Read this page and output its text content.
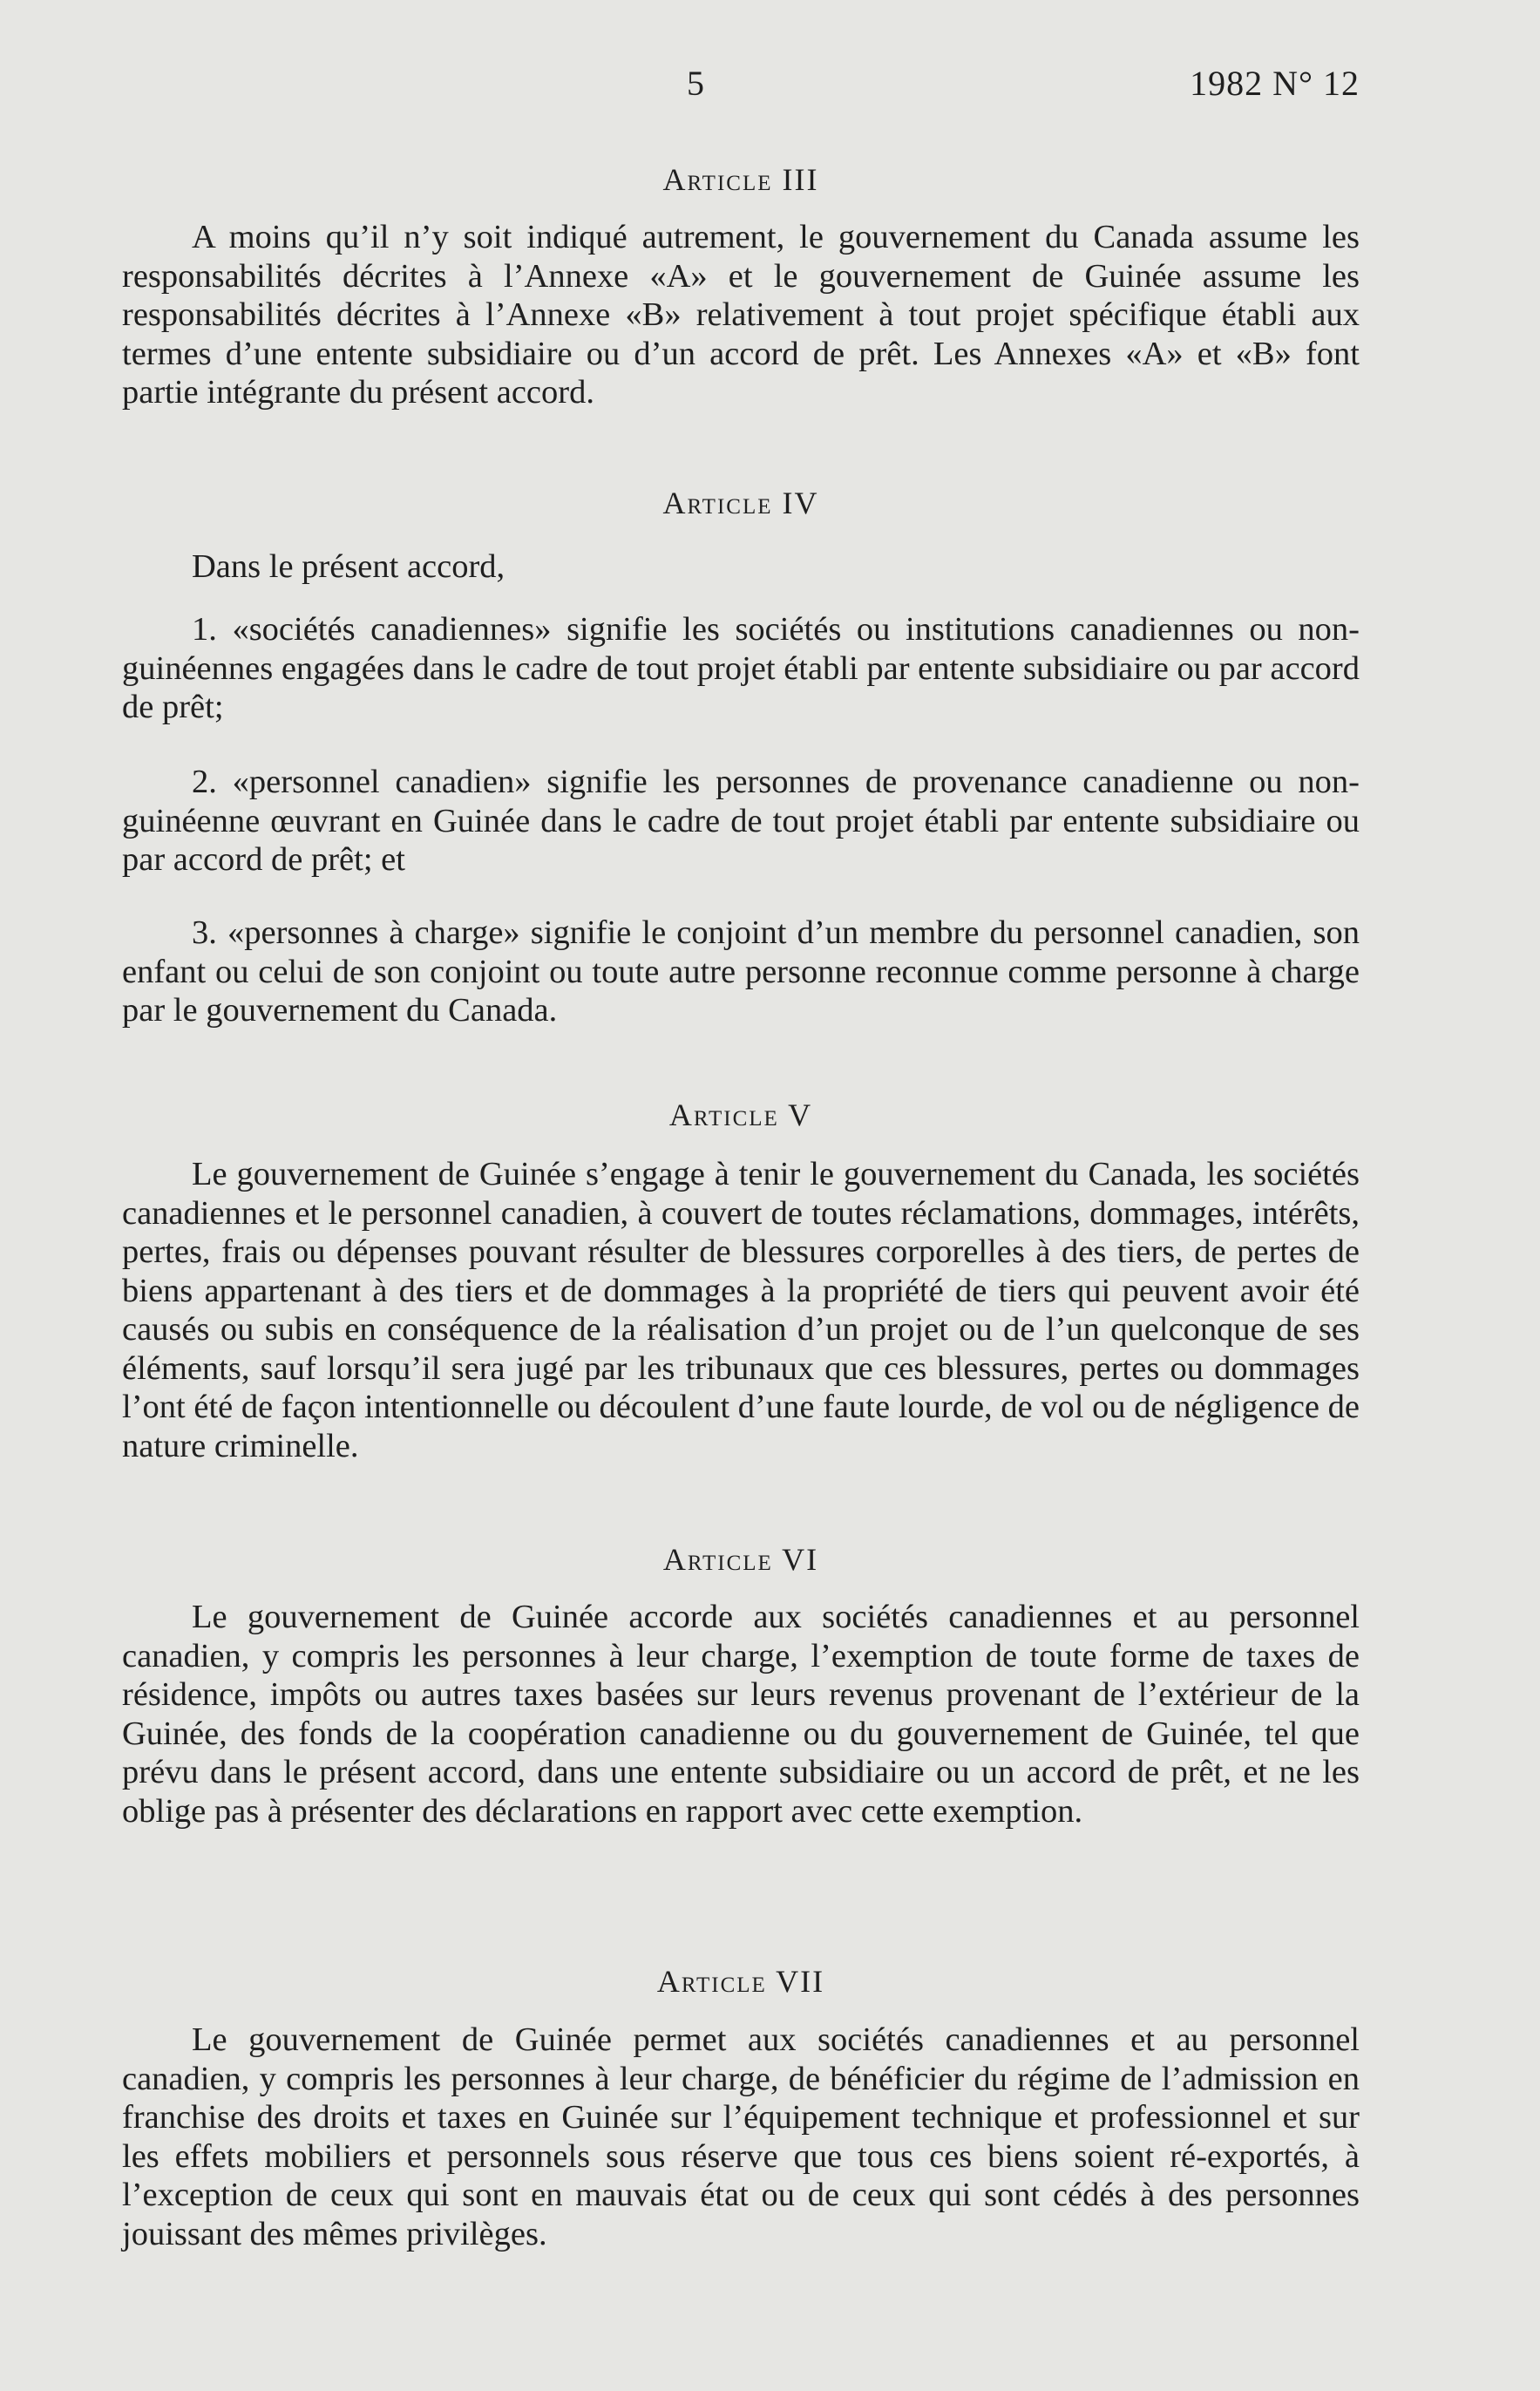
5	1982 N° 12
Article III

A moins qu’il n’y soit indiqué autrement, le gouvernement du Canada assume les responsabilités décrites à l’Annexe «A» et le gouvernement de Guinée assume les responsabilités décrites à l’Annexe «B» relativement à tout projet spécifique établi aux termes d’une entente subsidiaire ou d’un accord de prêt. Les Annexes «A» et «B» font partie intégrante du présent accord.

Article IV

Dans le présent accord,

1. «sociétés canadiennes» signifie les sociétés ou institutions canadiennes ou non-guinéennes engagées dans le cadre de tout projet établi par entente subsidiaire ou par accord de prêt;

2. «personnel canadien» signifie les personnes de provenance canadienne ou non-guinéenne œuvrant en Guinée dans le cadre de tout projet établi par entente subsidiaire ou par accord de prêt; et

3. «personnes à charge» signifie le conjoint d’un membre du personnel canadien, son enfant ou celui de son conjoint ou toute autre personne reconnue comme personne à charge par le gouvernement du Canada.

Article V

Le gouvernement de Guinée s’engage à tenir le gouvernement du Canada, les sociétés canadiennes et le personnel canadien, à couvert de toutes réclamations, dommages, intérêts, pertes, frais ou dépenses pouvant résulter de blessures corporelles à des tiers, de pertes de biens appartenant à des tiers et de dommages à la propriété de tiers qui peuvent avoir été causés ou subis en conséquence de la réalisation d’un projet ou de l’un quelconque de ses éléments, sauf lorsqu’il sera jugé par les tribunaux que ces blessures, pertes ou dommages l’ont été de façon intentionnelle ou découlent d’une faute lourde, de vol ou de négligence de nature criminelle.

Article VI

Le gouvernement de Guinée accorde aux sociétés canadiennes et au personnel canadien, y compris les personnes à leur charge, l’exemption de toute forme de taxes de résidence, impôts ou autres taxes basées sur leurs revenus provenant de l’extérieur de la Guinée, des fonds de la coopération canadienne ou du gouvernement de Guinée, tel que prévu dans le présent accord, dans une entente subsidiaire ou un accord de prêt, et ne les oblige pas à présenter des déclarations en rapport avec cette exemption.

Article VII

Le gouvernement de Guinée permet aux sociétés canadiennes et au personnel canadien, y compris les personnes à leur charge, de bénéficier du régime de l’admission en franchise des droits et taxes en Guinée sur l’équipement technique et professionnel et sur les effets mobiliers et personnels sous réserve que tous ces biens soient ré-exportés, à l’exception de ceux qui sont en mauvais état ou de ceux qui sont cédés à des personnes jouissant des mêmes privilèges.
